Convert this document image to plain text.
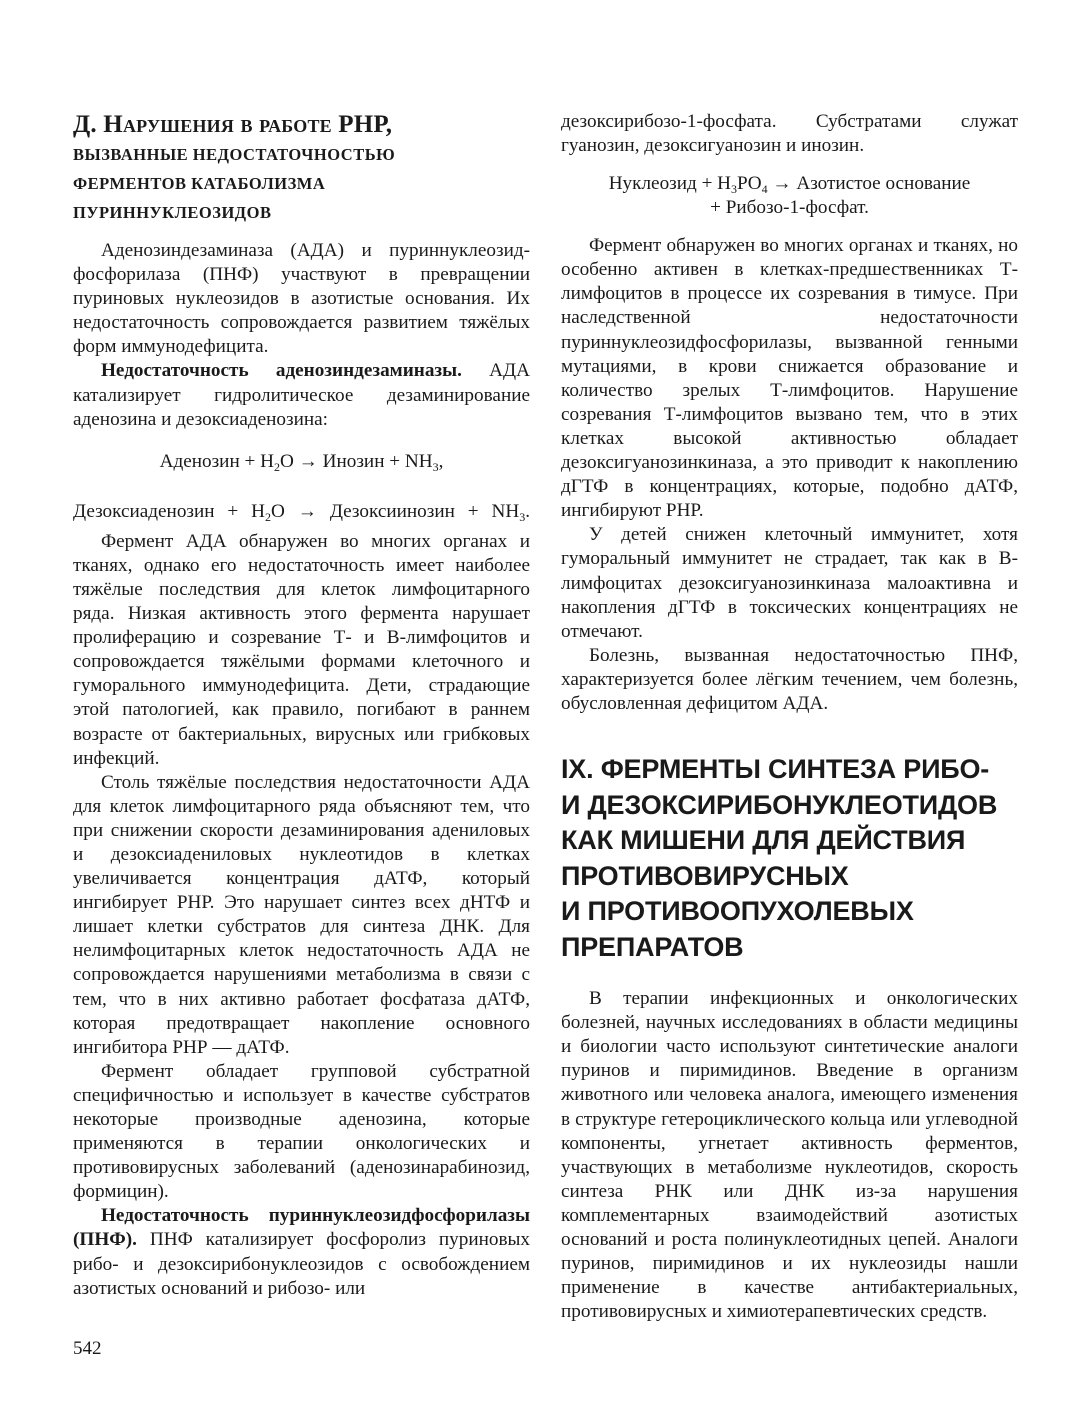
Д. Нарушения в работе РНР,
ВЫЗВАННЫЕ НЕДОСТАТОЧНОСТЬЮ
ФЕРМЕНТОВ КАТАБОЛИЗМА
ПУРИННУКЛЕОЗИДОВ

Аденозиндезаминаза (АДА) и пуриннуклеозид-фосфорилаза (ПНФ) участвуют в превращении пуриновых нуклеозидов в азотистые основания. Их недостаточность сопровождается развитием тяжёлых форм иммунодефицита.

Недостаточность аденозиндезаминазы. АДА катализирует гидролитическое дезаминирование аденозина и дезоксиаденозина:

Аденозин + $H_2O$ → Инозин + $NH_3$,

Дезоксиаденозин + $H_2O$ → Дезоксиинозин + $NH_3$.

Фермент АДА обнаружен во многих органах и тканях, однако его недостаточность имеет наиболее тяжёлые последствия для клеток лимфоцитарного ряда. Низкая активность этого фермента нарушает пролиферацию и созревание Т- и В-лимфоцитов и сопровождается тяжёлыми формами клеточного и гуморального иммунодефицита. Дети, страдающие этой патологией, как правило, погибают в раннем возрасте от бактериальных, вирусных или грибковых инфекций.

Столь тяжёлые последствия недостаточности АДА для клеток лимфоцитарного ряда объясняют тем, что при снижении скорости дезаминирования адениловых и дезоксиадениловых нуклеотидов в клетках увеличивается концентрация дАТФ, который ингибирует РНР. Это нарушает синтез всех дНТФ и лишает клетки субстратов для синтеза ДНК. Для нелимфоцитарных клеток недостаточность АДА не сопровождается нарушениями метаболизма в связи с тем, что в них активно работает фосфатаза дАТФ, которая предотвращает накопление основного ингибитора РНР — дАТФ.

Фермент обладает групповой субстратной специфичностью и использует в качестве субстратов некоторые производные аденозина, которые применяются в терапии онкологических и противовирусных заболеваний (аденозинарабинозид, формицин).

Недостаточность пуриннуклеозидфосфорилазы (ПНФ). ПНФ катализирует фосфоролиз пуриновых рибо- и дезоксирибонуклеозидов с освобождением азотистых оснований и рибозо- или

дезоксирибозо-1-фосфата. Субстратами служат гуанозин, дезоксигуанозин и инозин.

Нуклеозид + $H_3PO_4$ → Азотистое основание

+ Рибозо-1-фосфат.

Фермент обнаружен во многих органах и тканях, но особенно активен в клетках-предшественниках Т-лимфоцитов в процессе их созревания в тимусе. При наследственной недостаточности пуриннуклеозидфосфорилазы, вызванной генными мутациями, в крови снижается образование и количество зрелых Т-лимфоцитов. Нарушение созревания Т-лимфоцитов вызвано тем, что в этих клетках высокой активностью обладает дезоксигуанозинкиназа, а это приводит к накоплению дГТФ в концентрациях, которые, подобно дАТФ, ингибируют РНР.

У детей снижен клеточный иммунитет, хотя гуморальный иммунитет не страдает, так как в В-лимфоцитах дезоксигуанозинкиназа малоактивна и накопления дГТФ в токсических концентрациях не отмечают.

Болезнь, вызванная недостаточностью ПНФ, характеризуется более лёгким течением, чем болезнь, обусловленная дефицитом АДА.

IX. ФЕРМЕНТЫ СИНТЕЗА РИБО-
И ДЕЗОКСИРИБОНУКЛЕОТИДОВ
КАК МИШЕНИ ДЛЯ ДЕЙСТВИЯ
ПРОТИВОВИРУСНЫХ
И ПРОТИВООПУХОЛЕВЫХ
ПРЕПАРАТОВ

В терапии инфекционных и онкологических болезней, научных исследованиях в области медицины и биологии часто используют синтетические аналоги пуринов и пиримидинов. Введение в организм животного или человека аналога, имеющего изменения в структуре гетероциклического кольца или углеводной компоненты, угнетает активность ферментов, участвующих в метаболизме нуклеотидов, скорость синтеза РНК или ДНК из-за нарушения комплементарных взаимодействий азотистых оснований и роста полинуклеотидных цепей. Аналоги пуринов, пиримидинов и их нуклеозиды нашли применение в качестве антибактериальных, противовирусных и химиотерапевтических средств.

542
